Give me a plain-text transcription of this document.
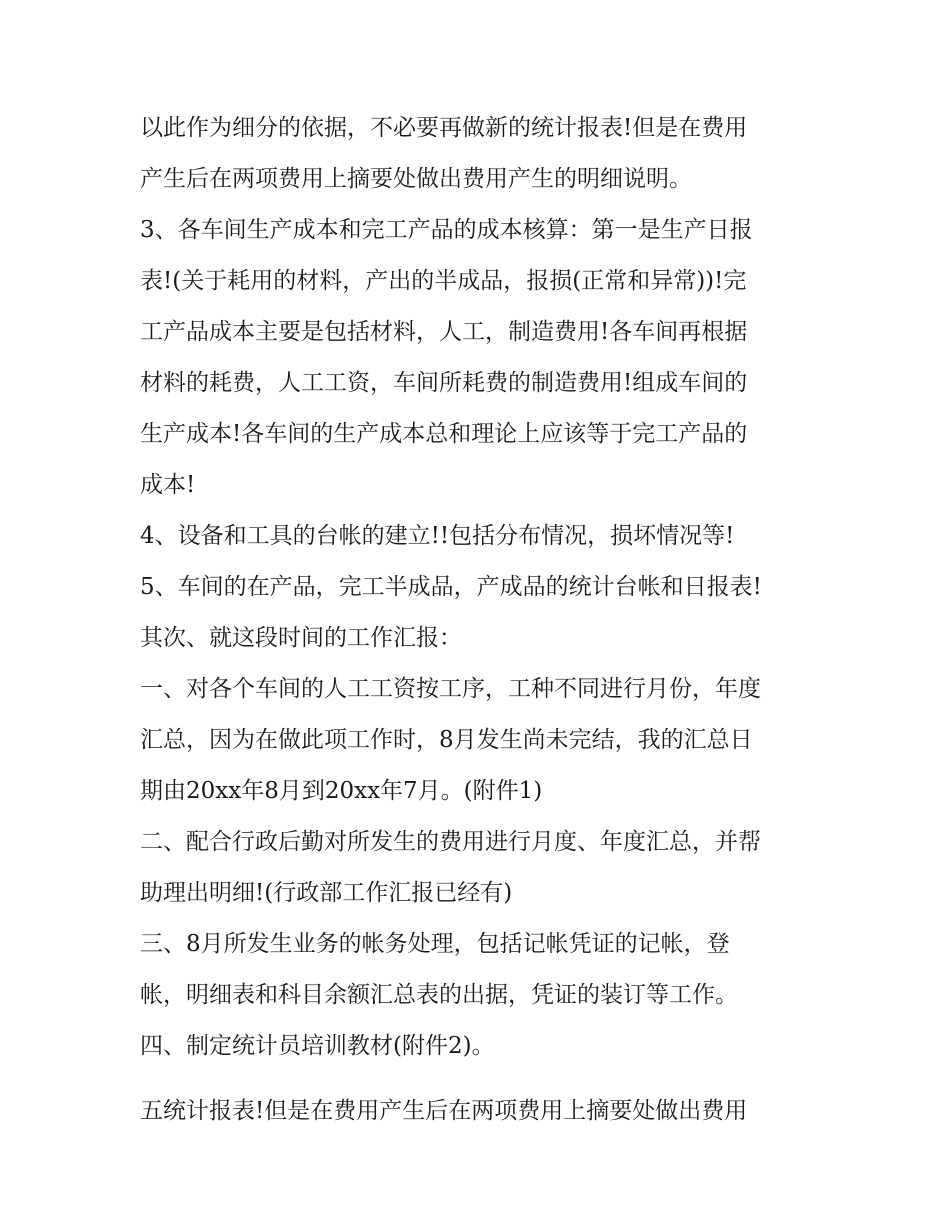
以此作为细分的依据，不必要再做新的统计报表!但是在费用
产生后在两项费用上摘要处做出费用产生的明细说明。
3、各车间生产成本和完工产品的成本核算：第一是生产日报
表!(关于耗用的材料，产出的半成品，报损(正常和异常))!完
工产品成本主要是包括材料，人工，制造费用!各车间再根据
材料的耗费，人工工资，车间所耗费的制造费用!组成车间的
生产成本!各车间的生产成本总和理论上应该等于完工产品的
成本!
4、设备和工具的台帐的建立!!包括分布情况，损坏情况等!
5、车间的在产品，完工半成品，产成品的统计台帐和日报表!
其次、就这段时间的工作汇报：
一、对各个车间的人工工资按工序，工种不同进行月份，年度
汇总，因为在做此项工作时，8月发生尚未完结，我的汇总日
期由20xx年8月到20xx年7月。(附件1)
二、配合行政后勤对所发生的费用进行月度、年度汇总，并帮
助理出明细!(行政部工作汇报已经有)
三、8月所发生业务的帐务处理，包括记帐凭证的记帐，登
帐，明细表和科目余额汇总表的出据，凭证的装订等工作。
四、制定统计员培训教材(附件2)。
五统计报表!但是在费用产生后在两项费用上摘要处做出费用
